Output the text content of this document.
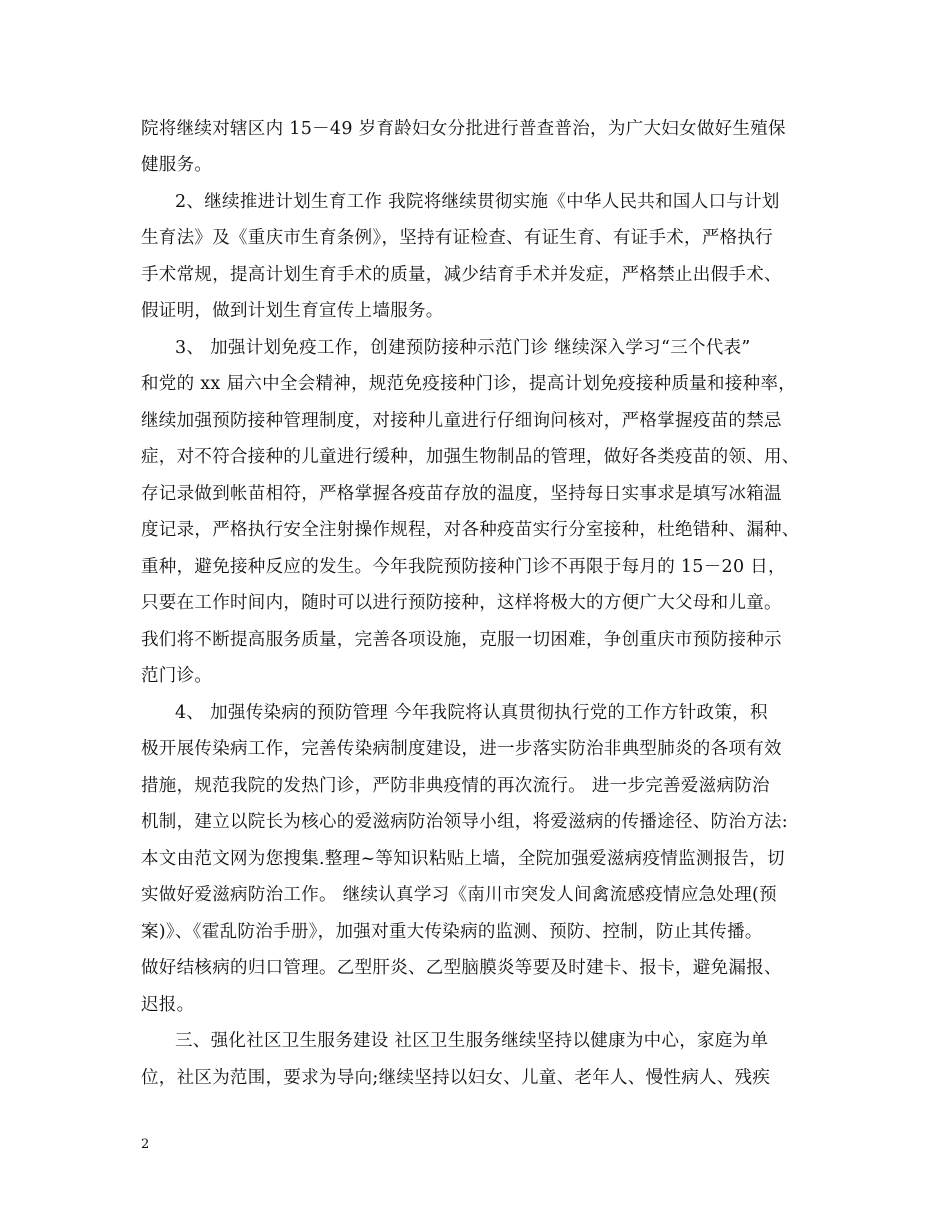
院将继续对辖区内 15－49 岁育龄妇女分批进行普查普治，为广大妇女做好生殖保
健服务。
2、继续推进计划生育工作 我院将继续贯彻实施《中华人民共和国人口与计划
生育法》及《重庆市生育条例》，坚持有证检查、有证生育、有证手术，严格执行
手术常规，提高计划生育手术的质量，减少结育手术并发症，严格禁止出假手术、
假证明，做到计划生育宣传上墙服务。
3、 加强计划免疫工作，创建预防接种示范门诊 继续深入学习“三个代表”
和党的 xx 届六中全会精神，规范免疫接种门诊，提高计划免疫接种质量和接种率，
继续加强预防接种管理制度，对接种儿童进行仔细询问核对，严格掌握疫苗的禁忌
症，对不符合接种的儿童进行缓种，加强生物制品的管理，做好各类疫苗的领、用、
存记录做到帐苗相符，严格掌握各疫苗存放的温度，坚持每日实事求是填写冰箱温
度记录，严格执行安全注射操作规程，对各种疫苗实行分室接种，杜绝错种、漏种、
重种，避免接种反应的发生。今年我院预防接种门诊不再限于每月的 15－20 日，
只要在工作时间内，随时可以进行预防接种，这样将极大的方便广大父母和儿童。
我们将不断提高服务质量，完善各项设施，克服一切困难，争创重庆市预防接种示
范门诊。
4、 加强传染病的预防管理 今年我院将认真贯彻执行党的工作方针政策，积
极开展传染病工作，完善传染病制度建设，进一步落实防治非典型肺炎的各项有效
措施，规范我院的发热门诊，严防非典疫情的再次流行。 进一步完善爱滋病防治
机制，建立以院长为核心的爱滋病防治领导小组，将爱滋病的传播途径、防治方法:
本文由范文网为您搜集.整理~等知识粘贴上墙，全院加强爱滋病疫情监测报告，切
实做好爱滋病防治工作。 继续认真学习《南川市突发人间禽流感疫情应急处理(预
案)》、《霍乱防治手册》，加强对重大传染病的监测、预防、控制，防止其传播。
做好结核病的归口管理。乙型肝炎、乙型脑膜炎等要及时建卡、报卡，避免漏报、
迟报。
三、强化社区卫生服务建设 社区卫生服务继续坚持以健康为中心，家庭为单
位，社区为范围，要求为导向;继续坚持以妇女、儿童、老年人、慢性病人、残疾
2
